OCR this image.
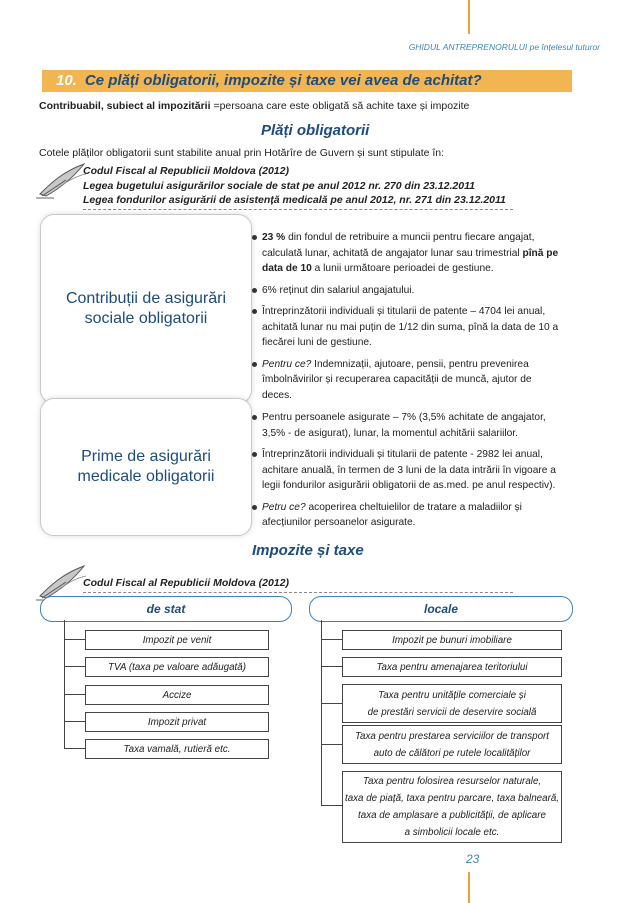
GHIDUL ANTREPRENORULUI pe înțelesul tuturor
10. Ce plăți obligatorii, impozite și taxe vei avea de achitat?
Contribuabil, subiect al impozitării =persoana care este obligată să achite taxe și impozite
Plăți obligatorii
Cotele plăților obligatorii sunt stabilite anual prin Hotărîre de Guvern și sunt stipulate în:
Codul Fiscal al Republicii Moldova (2012)
Legea bugetului asigurărilor sociale de stat pe anul 2012 nr. 270 din 23.12.2011
Legea fondurilor asigurării de asistență medicală pe anul 2012, nr. 271 din 23.12.2011
Contribuții de asigurări
sociale obligatorii
23 % din fondul de retribuire a muncii pentru fiecare angajat, calculată lunar, achitată de angajator lunar sau trimestrial pînă pe data de 10 a lunii următoare perioadei de gestiune.
6% reținut din salariul angajatului.
Întreprinzătorii individuali și titularii de patente – 4704 lei anual, achitată lunar nu mai puțin de 1/12 din suma, pînă la data de 10 a fiecărei luni de gestiune.
Pentru ce? Indemnizații, ajutoare, pensii, pentru prevenirea îmbolnăvirilor și recuperarea capacității de muncă, ajutor de deces.
Prime de asigurări
medicale obligatorii
Pentru persoanele asigurate – 7% (3,5% achitate de angajator, 3,5% - de asigurat), lunar, la momentul achitării salariilor.
Întreprinzătorii individuali și titularii de patente - 2982 lei anual, achitare anuală, în termen de 3 luni de la data intrării în vigoare a legii fondurilor asigurării obligatorii de as.med. pe anul respectiv).
Petru ce? acoperirea cheltuielilor de tratare a maladiilor și afecțiunilor persoanelor asigurate.
Impozite și taxe
Codul Fiscal al Republicii Moldova (2012)
de stat
Impozit pe venit
TVA (taxa pe valoare adăugată)
Accize
Impozit privat
Taxa vamală, rutieră etc.
locale
Impozit pe bunuri imobiliare
Taxa pentru amenajarea teritoriului
Taxa pentru unitățile comerciale și
de prestări servicii de deservire socială
Taxa pentru prestarea serviciilor de transport
auto de călători pe rutele localităților
Taxa pentru folosirea resurselor naturale,
taxa de piață, taxa pentru parcare, taxa balneară,
taxa de amplasare a publicității, de aplicare
a simbolicii locale etc.
23
